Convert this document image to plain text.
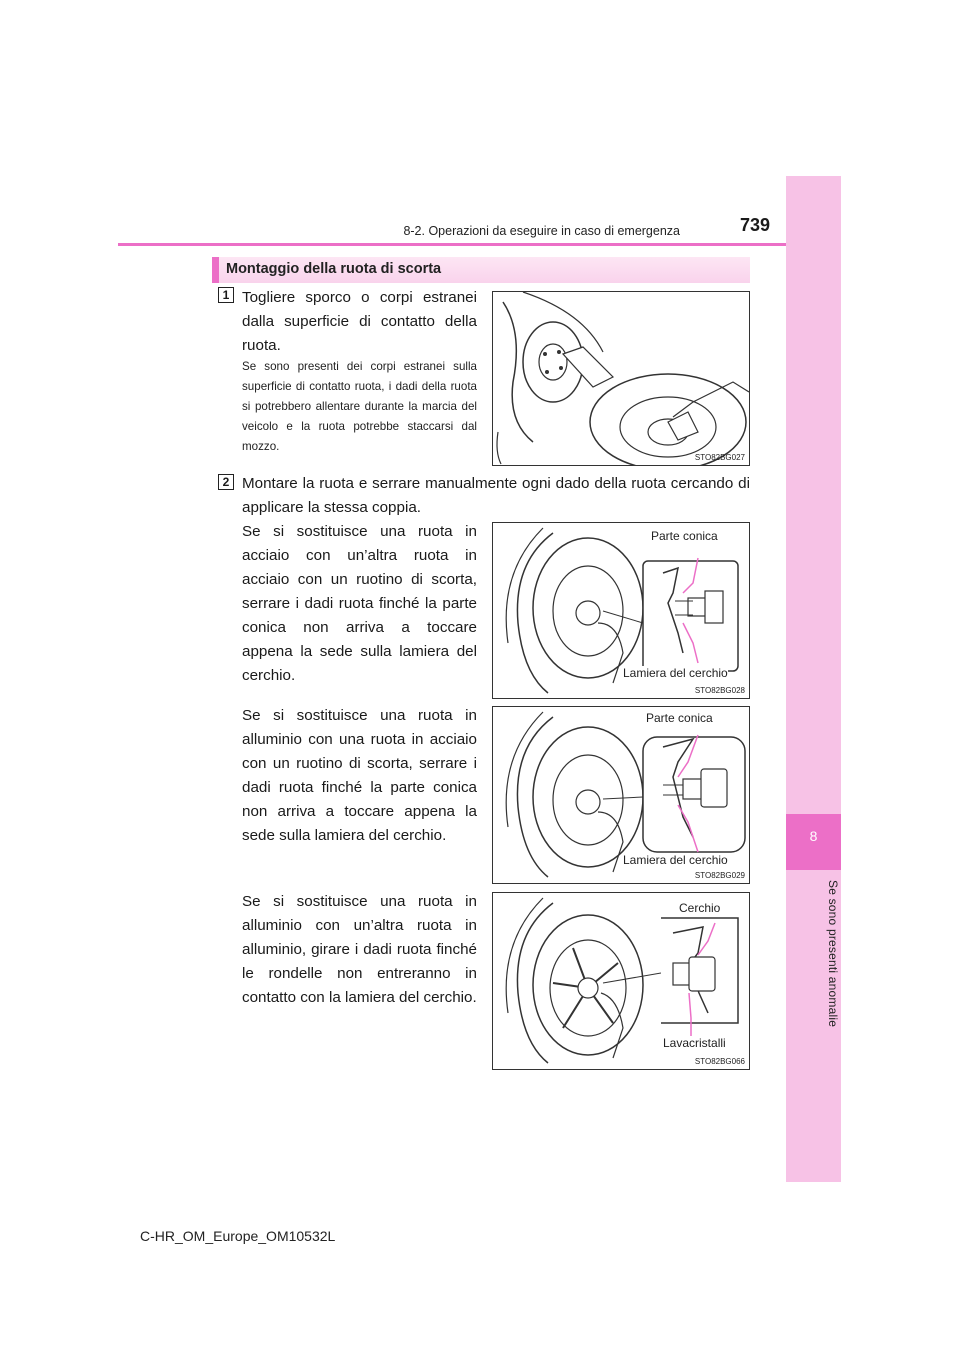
8
Se sono presenti anomalie
8-2. Operazioni da eseguire in caso di emergenza	739
Montaggio della ruota di scorta
1 Togliere sporco o corpi estranei dalla superficie di contatto della ruota.
Se sono presenti dei corpi estranei sulla superficie di contatto ruota, i dadi della ruota si potrebbero allentare durante la marcia del veicolo e la ruota potrebbe staccarsi dal mozzo.
STO82BG027
2 Montare la ruota e serrare manualmente ogni dado della ruota cercando di applicare la stessa coppia.
Se si sostituisce una ruota in acciaio con un’altra ruota in acciaio con un ruotino di scorta, serrare i dadi ruota finché la parte conica non arriva a toccare appena la sede sulla lamiera del cerchio.
Parte conica
Lamiera del cerchio
STO82BG028
Se si sostituisce una ruota in alluminio con una ruota in acciaio con un ruotino di scorta, serrare i dadi ruota finché la parte conica non arriva a toccare appena la sede sulla lamiera del cerchio.
Parte conica
Lamiera del cerchio
STO82BG029
Se si sostituisce una ruota in alluminio con un’altra ruota in alluminio, girare i dadi ruota finché le rondelle non entreranno in contatto con la lamiera del cerchio.
Cerchio
Lavacristalli
STO82BG066
C-HR_OM_Europe_OM10532L
